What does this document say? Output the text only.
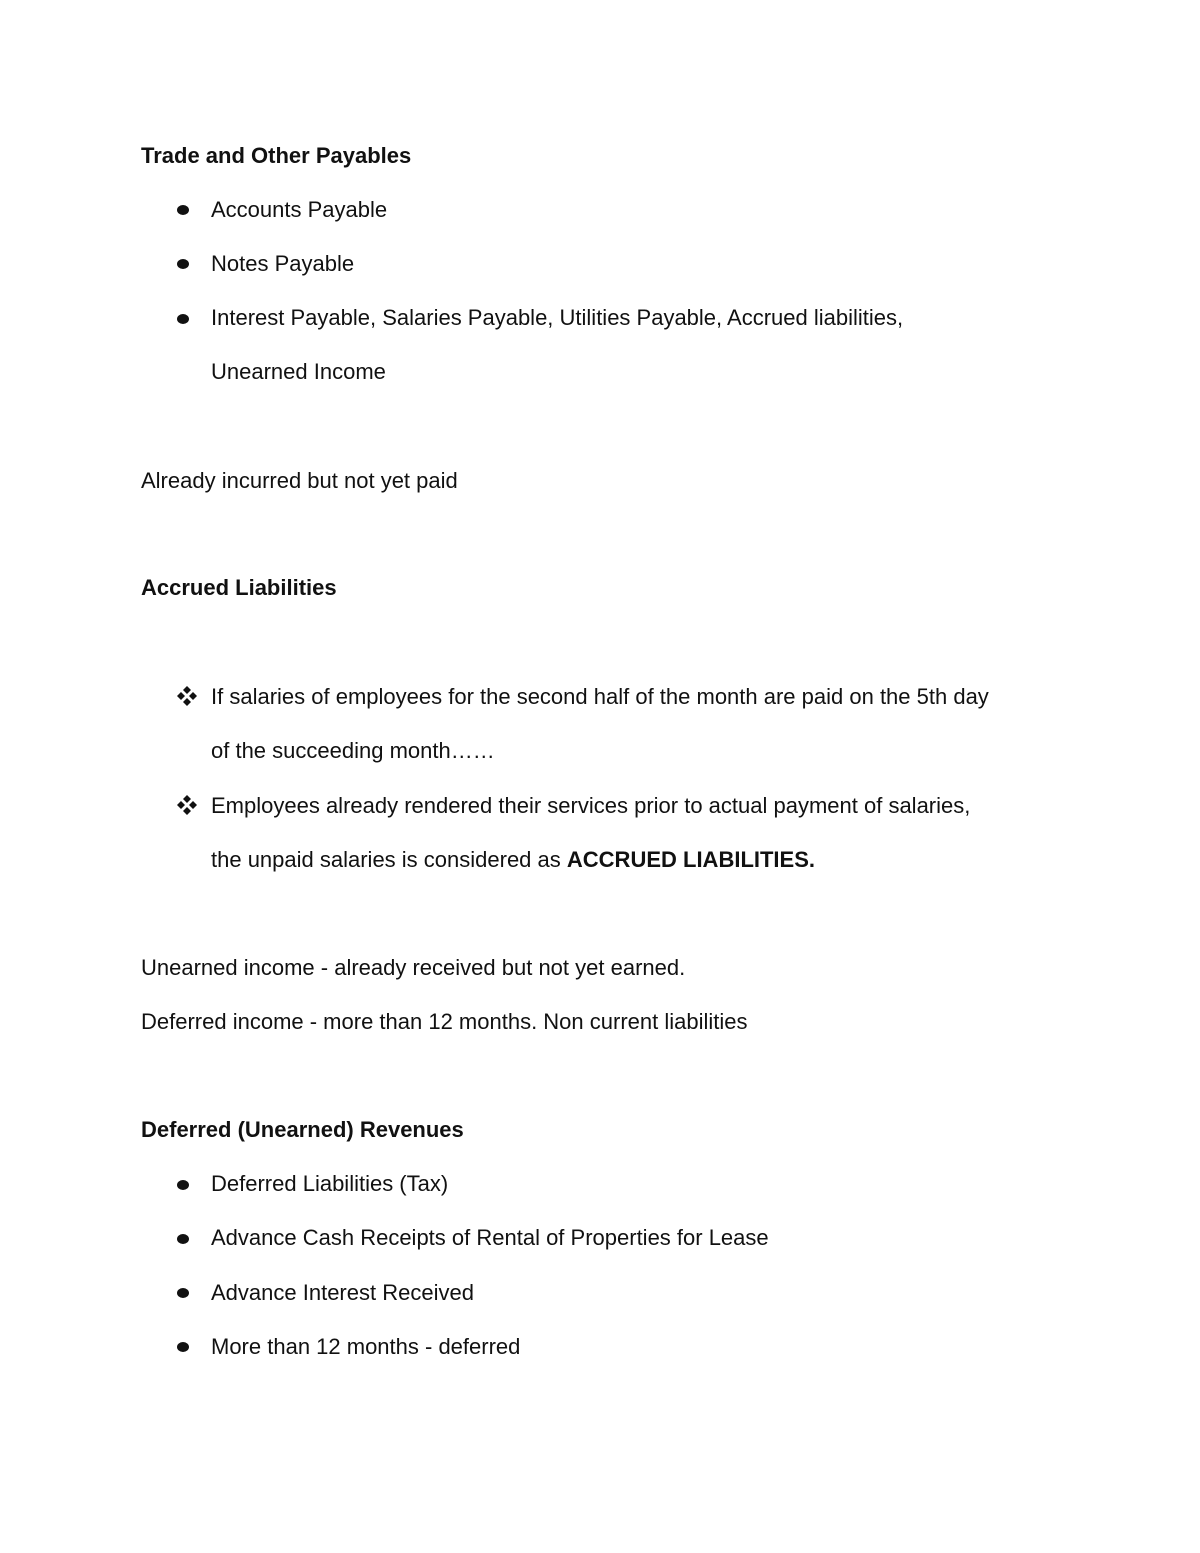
Trade and Other Payables
Accounts Payable
Notes Payable
Interest Payable, Salaries Payable, Utilities Payable, Accrued liabilities,
Unearned Income
Already incurred but not yet paid
Accrued Liabilities
If salaries of employees for the second half of the month are paid on the 5th day
of the succeeding month……
Employees already rendered their services prior to actual payment of salaries,
the unpaid salaries is considered as ACCRUED LIABILITIES.
Unearned income - already received but not yet earned.
Deferred income - more than 12 months. Non current liabilities
Deferred (Unearned) Revenues
Deferred Liabilities (Tax)
Advance Cash Receipts of Rental of Properties for Lease
Advance Interest Received
More than 12 months - deferred
